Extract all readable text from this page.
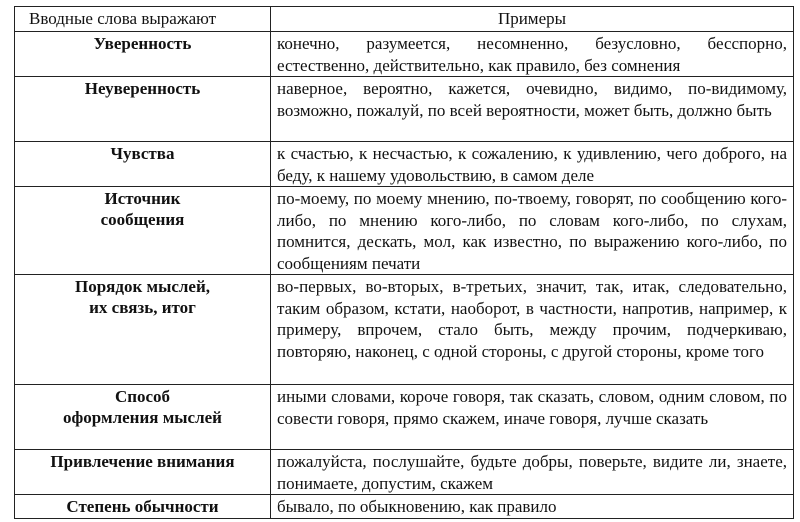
Вводные слова выражают	Примеры
Уверенность	конечно, разумеется, несомненно, безусловно, бесспорно, естественно, действительно, как правило, без сомнения
Неуверенность	наверное, вероятно, кажется, очевидно, видимо, по-видимому, возможно, пожалуй, по всей вероятности, может быть, должно быть
Чувства	к счастью, к несчастью, к сожалению, к удивлению, чего доброго, на беду, к нашему удовольствию, в самом деле

Источник
сообщения	по-моему, по моему мнению, по-твоему, говорят, по сообщению кого-либо, по мнению кого-либо, по словам кого-либо, по слухам, помнится, дескать, мол, как известно, по выражению кого-либо, по сообщениям печати

Порядок мыслей,
их связь, итог	во-первых, во-вторых, в-третьих, значит, так, итак, следовательно, таким образом, кстати, наоборот, в частности, напротив, например, к примеру, впрочем, стало быть, между прочим, подчеркиваю, повторяю, наконец, с одной стороны, с другой стороны, кроме того

Способ
оформления мыслей	иными словами, короче говоря, так сказать, словом, одним словом, по совести говоря, прямо скажем, иначе говоря, лучше сказать
Привлечение внимания	пожалуйста, послушайте, будьте добры, поверьте, видите ли, знаете, понимаете, допустим, скажем
Степень обычности	бывало, по обыкновению, как правило
